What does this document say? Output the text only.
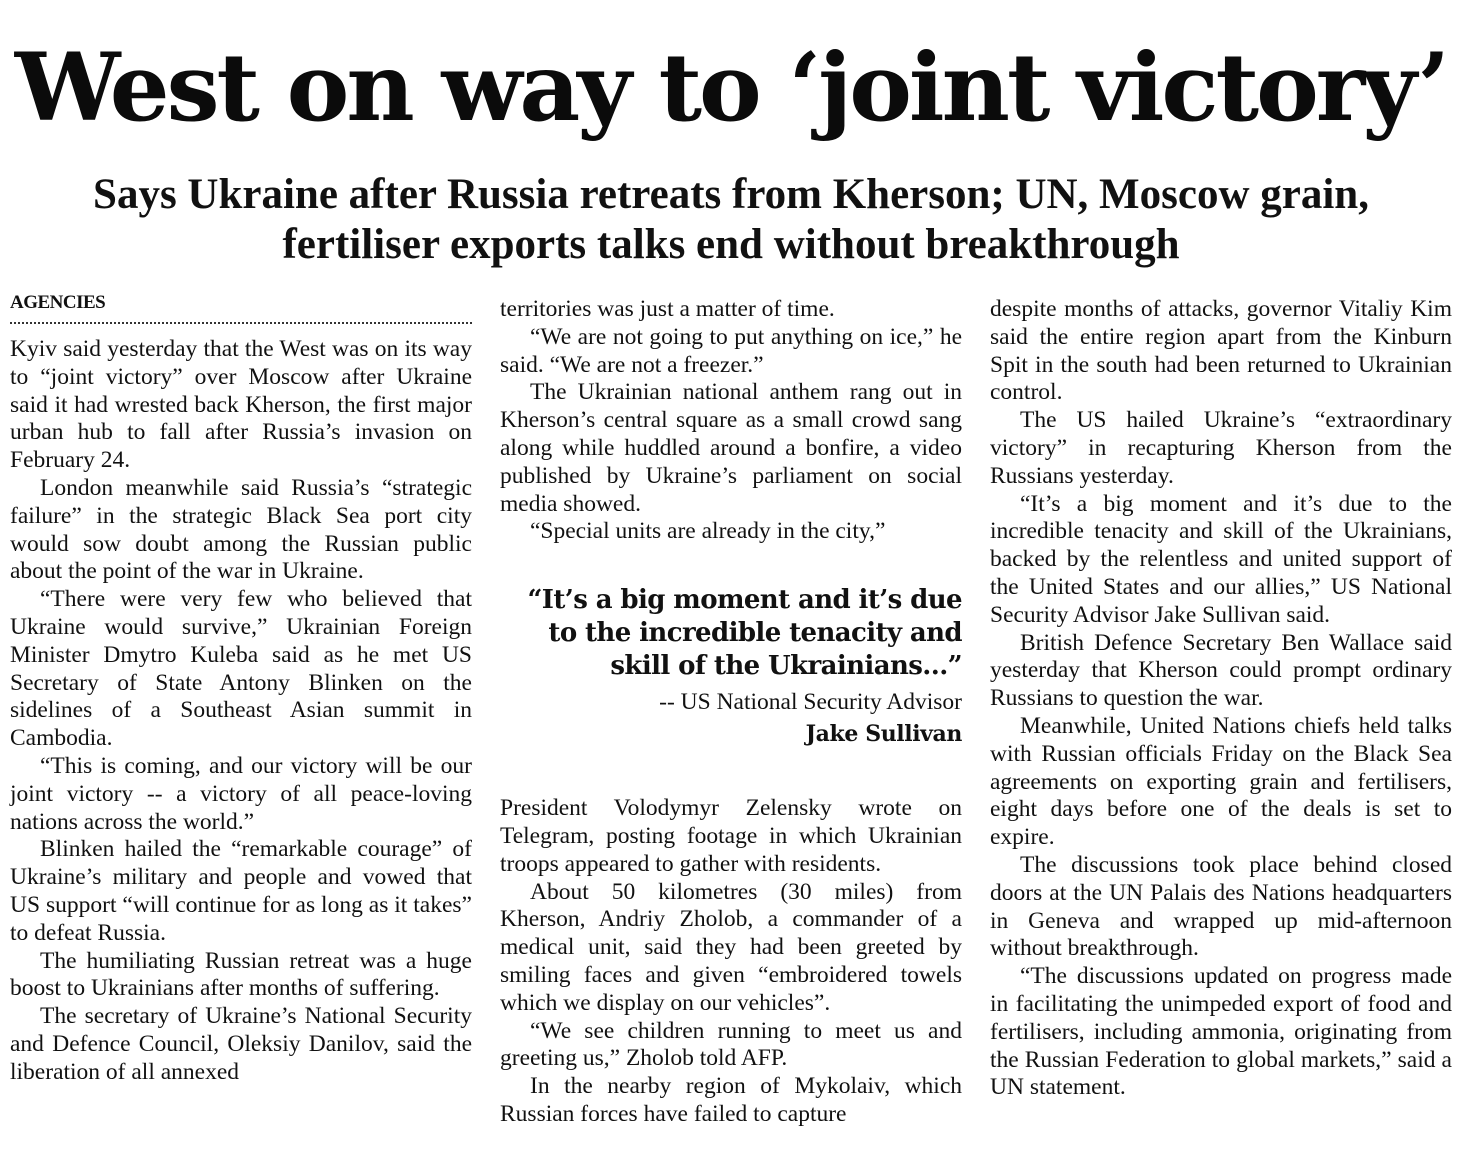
West on way to ‘joint victory’
Says Ukraine after Russia retreats from Kherson; UN, Moscow grain, fertiliser exports talks end without breakthrough
AGENCIES

Kyiv said yesterday that the West was on its way to “joint victory” over Moscow after Ukraine said it had wrested back Kherson, the first major urban hub to fall after Russia’s invasion on February 24.

London meanwhile said Russia’s “strategic failure” in the strategic Black Sea port city would sow doubt among the Russian public about the point of the war in Ukraine.

“There were very few who believed that Ukraine would survive,” Ukrainian Foreign Minister Dmytro Kuleba said as he met US Secretary of State Antony Blinken on the sidelines of a Southeast Asian summit in Cambodia.

“This is coming, and our victory will be our joint victory -- a victory of all peace-loving nations across the world.”

Blinken hailed the “remarkable courage” of Ukraine’s military and people and vowed that US support “will continue for as long as it takes” to defeat Russia.

The humiliating Russian retreat was a huge boost to Ukrainians after months of suffering.

The secretary of Ukraine’s National Security and Defence Council, Oleksiy Danilov, said the liberation of all annexed

territories was just a matter of time.

“We are not going to put anything on ice,” he said. “We are not a freezer.”

The Ukrainian national anthem rang out in Kherson’s central square as a small crowd sang along while huddled around a bonfire, a video published by Ukraine’s parliament on social media showed.

“Special units are already in the city,”

“It’s a big moment and it’s due to the incredible tenacity and skill of the Ukrainians...”
-- US National Security Advisor
Jake Sullivan

President Volodymyr Zelensky wrote on Telegram, posting footage in which Ukrainian troops appeared to gather with residents.

About 50 kilometres (30 miles) from Kherson, Andriy Zholob, a commander of a medical unit, said they had been greeted by smiling faces and given “embroidered towels which we display on our vehicles”.

“We see children running to meet us and greeting us,” Zholob told AFP.

In the nearby region of Mykolaiv, which Russian forces have failed to capture

despite months of attacks, governor Vitaliy Kim said the entire region apart from the Kinburn Spit in the south had been returned to Ukrainian control.

The US hailed Ukraine’s “extraordinary victory” in recapturing Kherson from the Russians yesterday.

“It’s a big moment and it’s due to the incredible tenacity and skill of the Ukrainians, backed by the relentless and united support of the United States and our allies,” US National Security Advisor Jake Sullivan said.

British Defence Secretary Ben Wallace said yesterday that Kherson could prompt ordinary Russians to question the war.

Meanwhile, United Nations chiefs held talks with Russian officials Friday on the Black Sea agreements on exporting grain and fertilisers, eight days before one of the deals is set to expire.

The discussions took place behind closed doors at the UN Palais des Nations headquarters in Geneva and wrapped up mid-afternoon without breakthrough.

“The discussions updated on progress made in facilitating the unimpeded export of food and fertilisers, including ammonia, originating from the Russian Federation to global markets,” said a UN statement.
